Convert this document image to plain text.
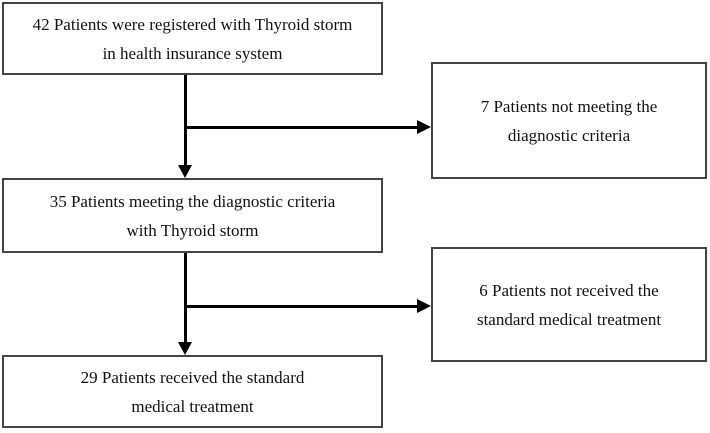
42 Patients were registered with Thyroid storm
in health insurance system
7 Patients not meeting the
diagnostic criteria
35 Patients meeting the diagnostic criteria
with Thyroid storm
6 Patients not received the
standard medical treatment
29 Patients received the standard
medical treatment
